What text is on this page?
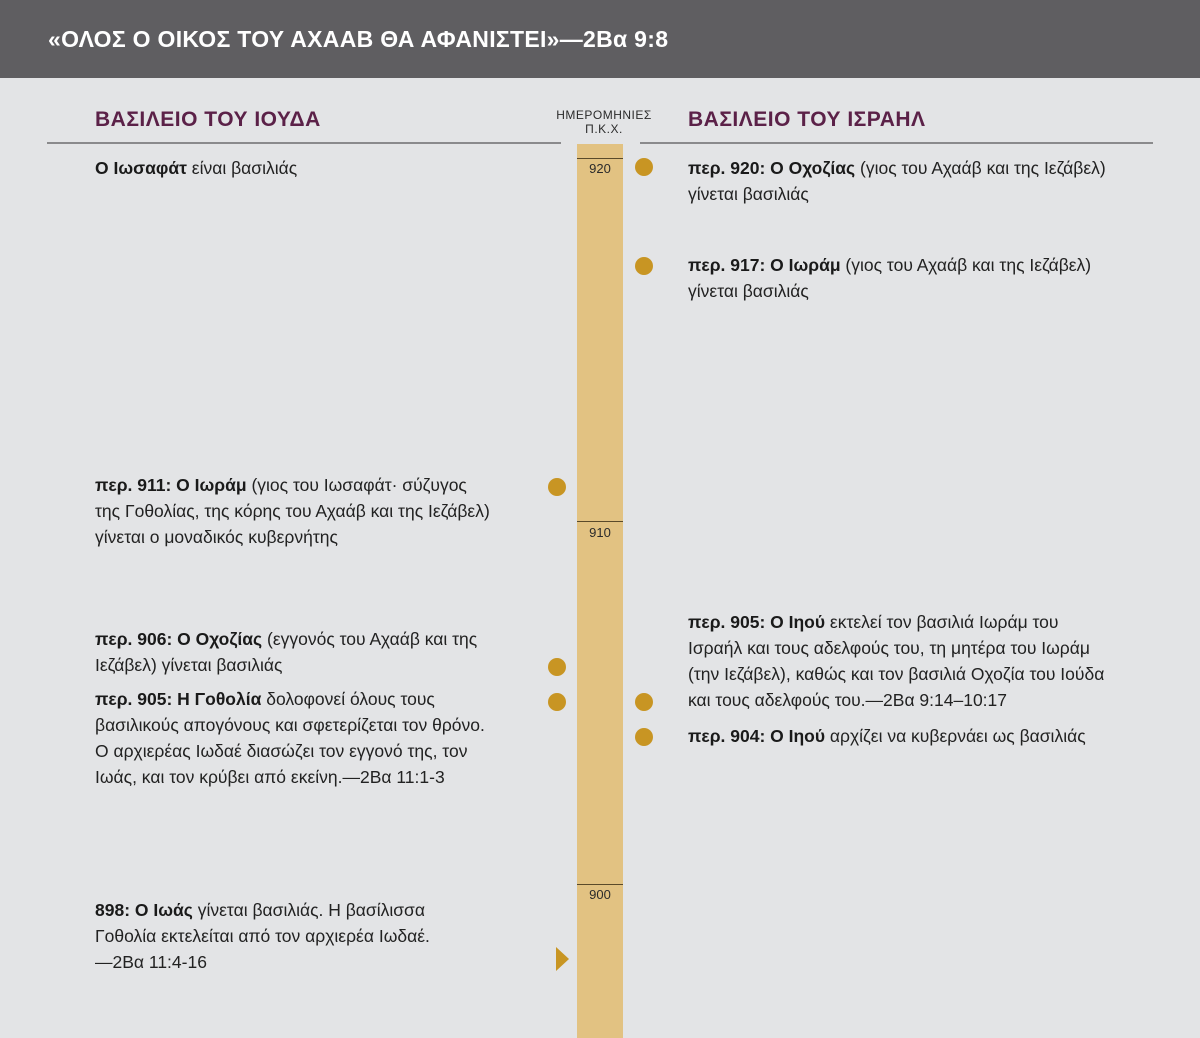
«ΟΛΟΣ Ο ΟΙΚΟΣ ΤΟΥ ΑΧΑΑΒ ΘΑ ΑΦΑΝΙΣΤΕΙ»—2Βα 9:8
ΒΑΣΙΛΕΙΟ ΤΟΥ ΙΟΥΔΑ	ΒΑΣΙΛΕΙΟ ΤΟΥ ΙΣΡΑΗΛ
ΗΜΕΡΟΜΗΝΙΕΣ
Π.Κ.Χ.
920
910
900
Ο Ιωσαφάτ είναι βασιλιάς
περ. 911: Ο Ιωράμ (γιος του Ιωσαφάτ· σύζυγος
της Γοθολίας, της κόρης του Αχαάβ και της Ιεζάβελ)
γίνεται ο μοναδικός κυβερνήτης
περ. 906: Ο Οχοζίας (εγγονός του Αχαάβ και της
Ιεζάβελ) γίνεται βασιλιάς
περ. 905: Η Γοθολία δολοφονεί όλους τους
βασιλικούς απογόνους και σφετερίζεται τον θρόνο.
Ο αρχιερέας Ιωδαέ διασώζει τον εγγονό της, τον
Ιωάς, και τον κρύβει από εκείνη.—2Βα 11:1-3
898: Ο Ιωάς γίνεται βασιλιάς. Η βασίλισσα
Γοθολία εκτελείται από τον αρχιερέα Ιωδαέ.
—2Βα 11:4-16
περ. 920: Ο Οχοζίας (γιος του Αχαάβ και της Ιεζάβελ)
γίνεται βασιλιάς
περ. 917: Ο Ιωράμ (γιος του Αχαάβ και της Ιεζάβελ)
γίνεται βασιλιάς
περ. 905: Ο Ιηού εκτελεί τον βασιλιά Ιωράμ του
Ισραήλ και τους αδελφούς του, τη μητέρα του Ιωράμ
(την Ιεζάβελ), καθώς και τον βασιλιά Οχοζία του Ιούδα
και τους αδελφούς του.—2Βα 9:14–10:17
περ. 904: Ο Ιηού αρχίζει να κυβερνάει ως βασιλιάς
